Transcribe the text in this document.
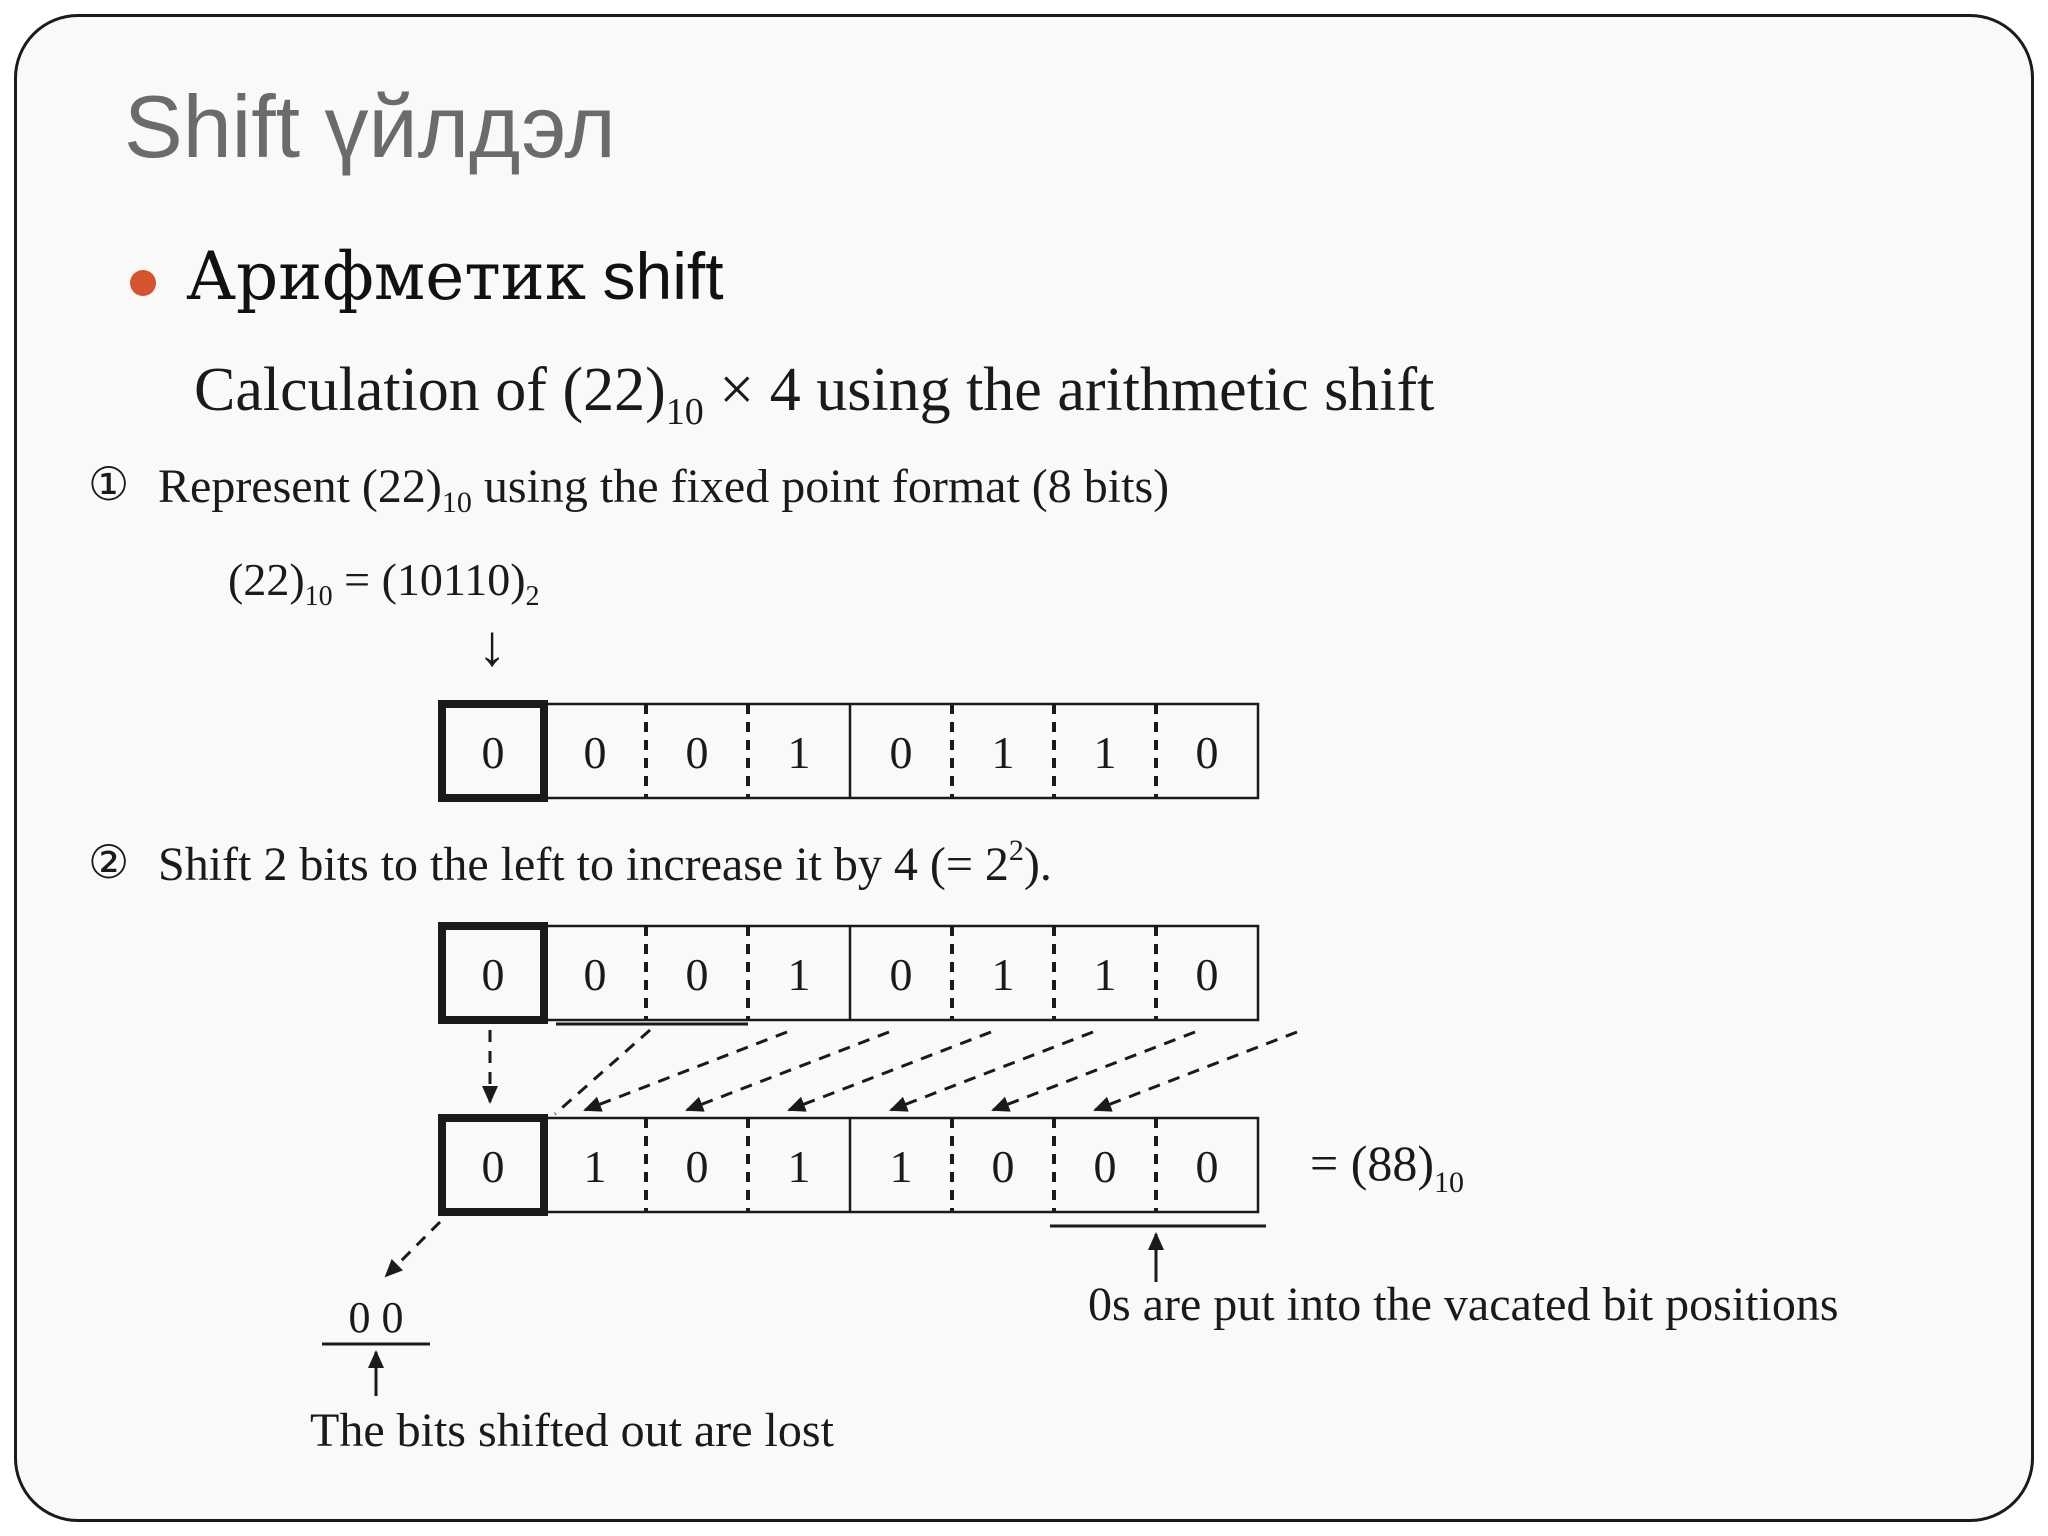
Shift үйлдэл
Арифметик shift
Calculation of $(22)_{10} \times 4$ using the arithmetic shift
① Represent $(22)_{10}$ using the fixed point format (8 bits)
$(22)_{10} = (10110)_2$
↓
0 0 0 1 0 1 1 0
② Shift 2 bits to the left to increase it by 4 (= $2^2$).
0 0 0 1 0 1 1 0
0 1 0 1 1 0 0 0
0 0
The bits shifted out are lost
= $(88)_{10}$
0s are put into the vacated bit positions
